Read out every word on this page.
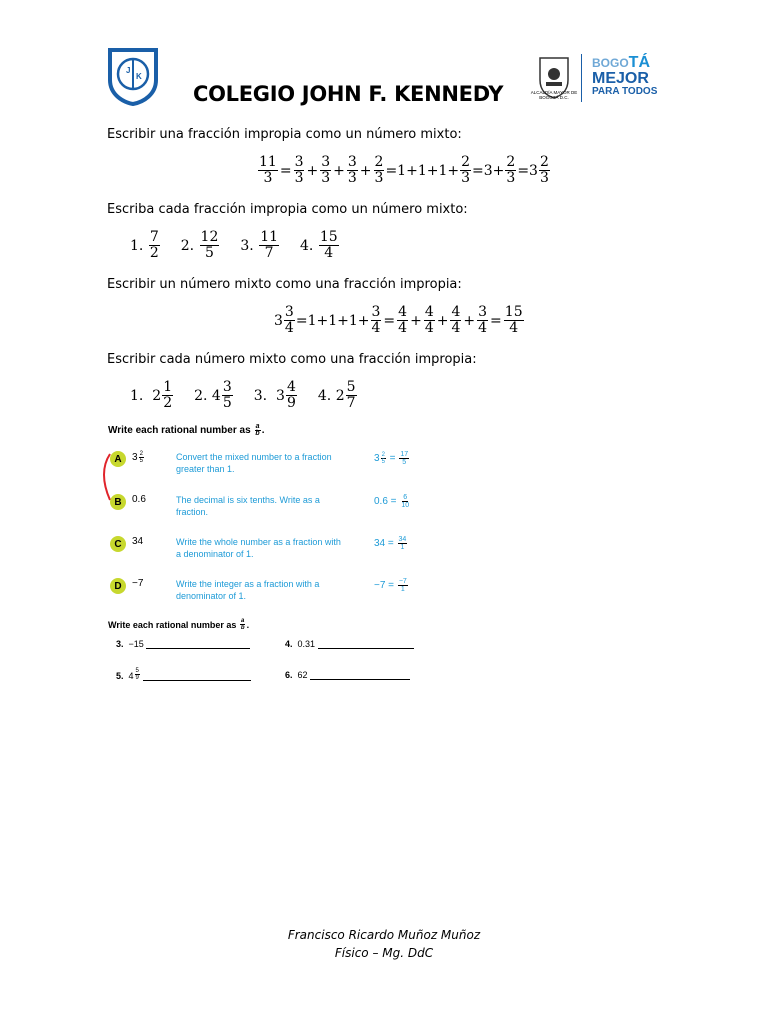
J
K
COLEGIO JOHN F. KENNEDY	ALCALDÍA MAYOR DE BOGOTÁ D.C.
BOGOTÁ
MEJOR
PARA TODOS
Escribir una fracción impropia como un número mixto:
$\frac{11}{3} = \frac{3}{3} + \frac{3}{3} + \frac{3}{3} + \frac{2}{3} =1+1+1+ \frac{2}{3} =3+ \frac{2}{3} =3 \frac{2}{3}$
Escriba cada fracción impropia como un número mixto:
1.
$\frac{7}{2} 2$.
$\frac{12}{5} 3$.
$\frac{11}{7} 4$.
$\frac{15}{4}$
Escribir un número mixto como una fracción impropia:
$3 \frac{3}{4} =1+1+1+ \frac{3}{4} = \frac{4}{4} + \frac{4}{4} + \frac{4}{4} + \frac{3}{4} = \frac{15}{4}$
Escribir cada número mixto como una fracción impropia:
1.
$2 \frac{1}{2} 2$.
$4 \frac{3}{5} 3$.
$3 \frac{4}{9} 4$.
$2 \frac{5}{7}$
Write each rational number as
$\frac{a}{b}$ .
A	$3 \frac{2}{5}$	Convert the mixed number to a fraction greater than 1.
$3 \frac{2}{5} = \frac{17}{5}$
B	0.6	The decimal is six tenths. Write as a fraction.
$0.6 = \frac{6}{10}$
C	34	Write the whole number as a fraction with a denominator of 1.
$34 = \frac{34}{1}$
D	−7	Write the integer as a fraction with a denominator of 1.
$-7 = \frac{-7}{1}$
Write each rational number as
$\frac{a}{b}$ .
3.
−15
	4.
0.31

5.
$4 \frac{5}{9}$
	6.
62

Francisco Ricardo Muñoz Muñoz
Físico – Mg. DdC
